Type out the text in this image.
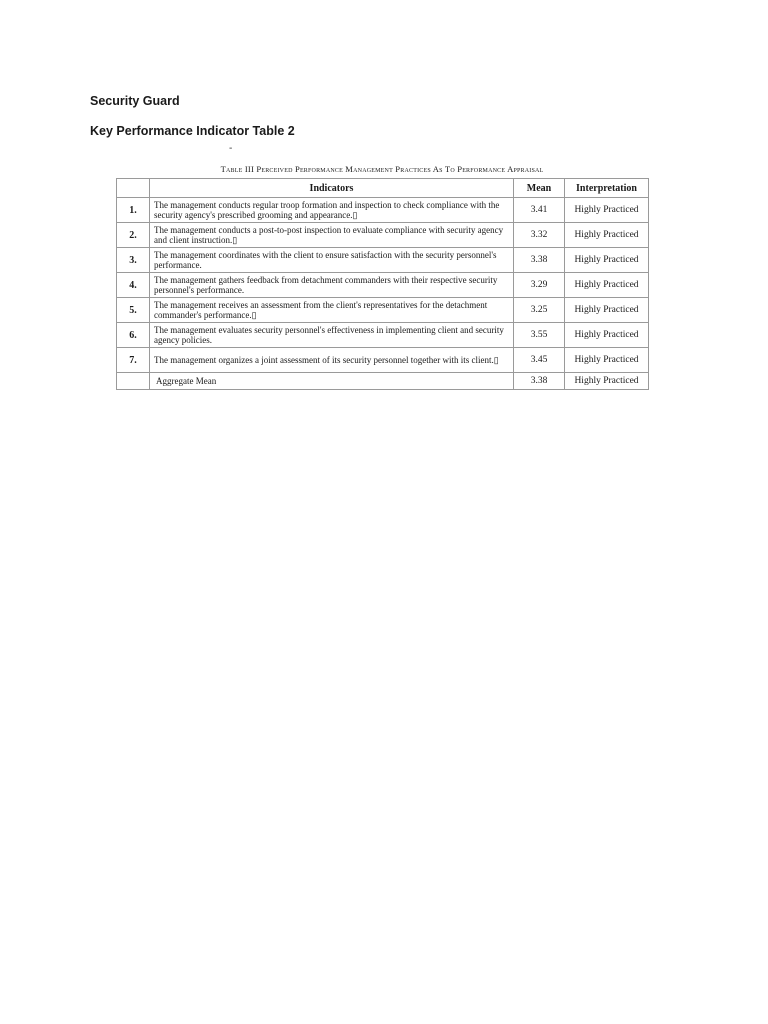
Security Guard
Key Performance Indicator Table 2
-
Table III Perceived Performance Management Practices As To Performance Appraisal
	Indicators	Mean	Interpretation
1.	The management conducts regular troop formation and inspection to check compliance with the security agency's prescribed grooming and appearance.▯	3.41	Highly Practiced
2.	The management conducts a post-to-post inspection to evaluate compliance with security agency and client instruction.▯	3.32	Highly Practiced
3.	The management coordinates with the client to ensure satisfaction with the security personnel's performance.	3.38	Highly Practiced
4.	The management gathers feedback from detachment commanders with their respective security personnel's performance.	3.29	Highly Practiced
5.	The management receives an assessment from the client's representatives for the detachment commander's performance.▯	3.25	Highly Practiced
6.	The management evaluates security personnel's effectiveness in implementing client and security agency policies.	3.55	Highly Practiced
7.	The management organizes a joint assessment of its security personnel together with its client.▯	3.45	Highly Practiced
	Aggregate Mean	3.38	Highly Practiced
